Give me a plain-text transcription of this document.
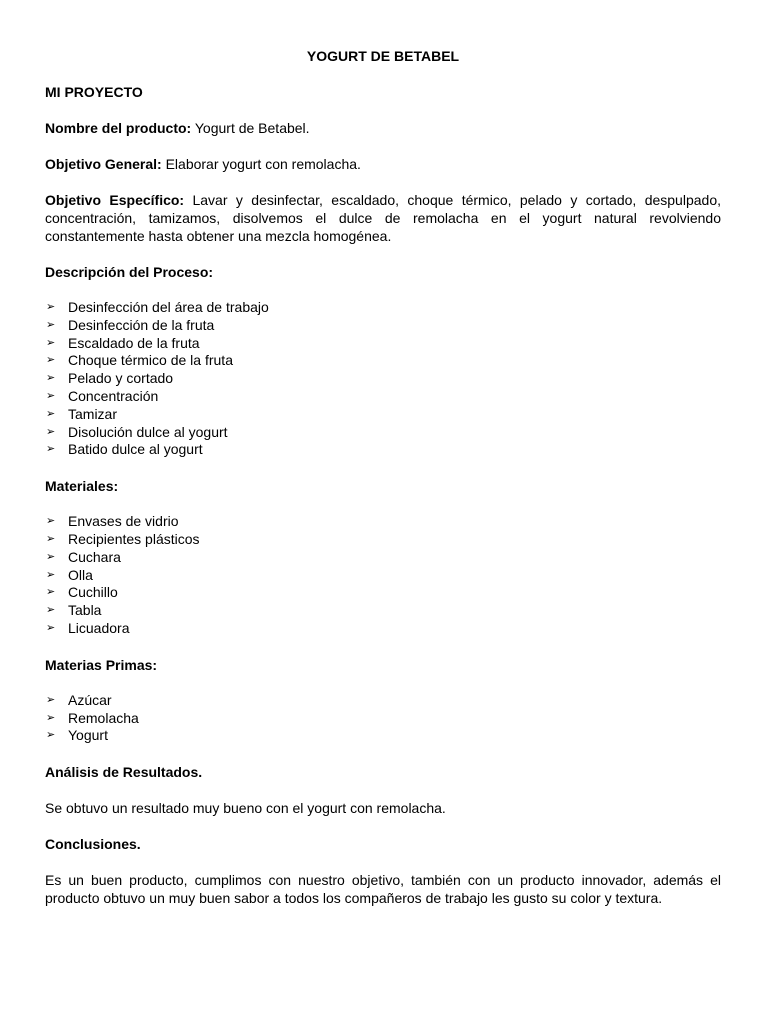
YOGURT DE BETABEL

MI PROYECTO

Nombre del producto: Yogurt de Betabel.

Objetivo General: Elaborar yogurt con remolacha.

Objetivo Específico: Lavar y desinfectar, escaldado, choque térmico, pelado y cortado, despulpado, concentración, tamizamos, disolvemos el dulce de remolacha en el yogurt natural revolviendo constantemente hasta obtener una mezcla homogénea.

Descripción del Proceso:

➢ Desinfección del área de trabajo
➢ Desinfección de la fruta
➢ Escaldado de la fruta
➢ Choque térmico de la fruta
➢ Pelado y cortado
➢ Concentración
➢ Tamizar
➢ Disolución dulce al yogurt
➢ Batido dulce al yogurt

Materiales:

➢ Envases de vidrio
➢ Recipientes plásticos
➢ Cuchara
➢ Olla
➢ Cuchillo
➢ Tabla
➢ Licuadora

Materias Primas:

➢ Azúcar
➢ Remolacha
➢ Yogurt

Análisis de Resultados.

Se obtuvo un resultado muy bueno con el yogurt con remolacha.

Conclusiones.

Es un buen producto, cumplimos con nuestro objetivo, también con un producto innovador, además el producto obtuvo un muy buen sabor a todos los compañeros de trabajo les gusto su color y textura.
